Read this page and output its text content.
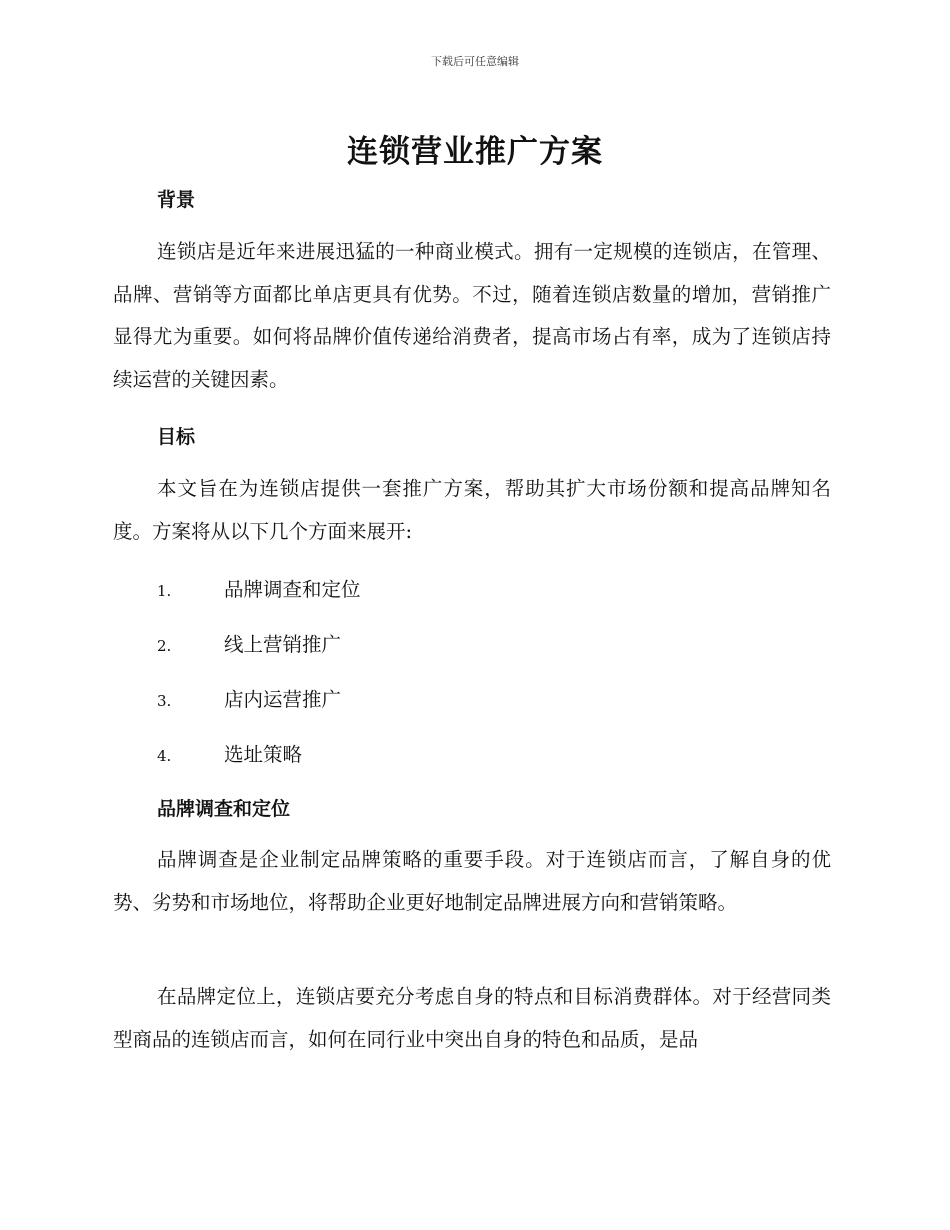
下载后可任意编辑
连锁营业推广方案
背景

连锁店是近年来进展迅猛的一种商业模式。拥有一定规模的连锁店，在管理、品牌、营销等方面都比单店更具有优势。不过，随着连锁店数量的增加，营销推广显得尤为重要。如何将品牌价值传递给消费者，提高市场占有率，成为了连锁店持续运营的关键因素。

目标

本文旨在为连锁店提供一套推广方案，帮助其扩大市场份额和提高品牌知名度。方案将从以下几个方面来展开:

1.	品牌调查和定位
2.	线上营销推广
3.	店内运营推广
4.	选址策略
品牌调查和定位

品牌调查是企业制定品牌策略的重要手段。对于连锁店而言，了解自身的优势、劣势和市场地位，将帮助企业更好地制定品牌进展方向和营销策略。

在品牌定位上，连锁店要充分考虑自身的特点和目标消费群体。对于经营同类型商品的连锁店而言，如何在同行业中突出自身的特色和品质，是品
